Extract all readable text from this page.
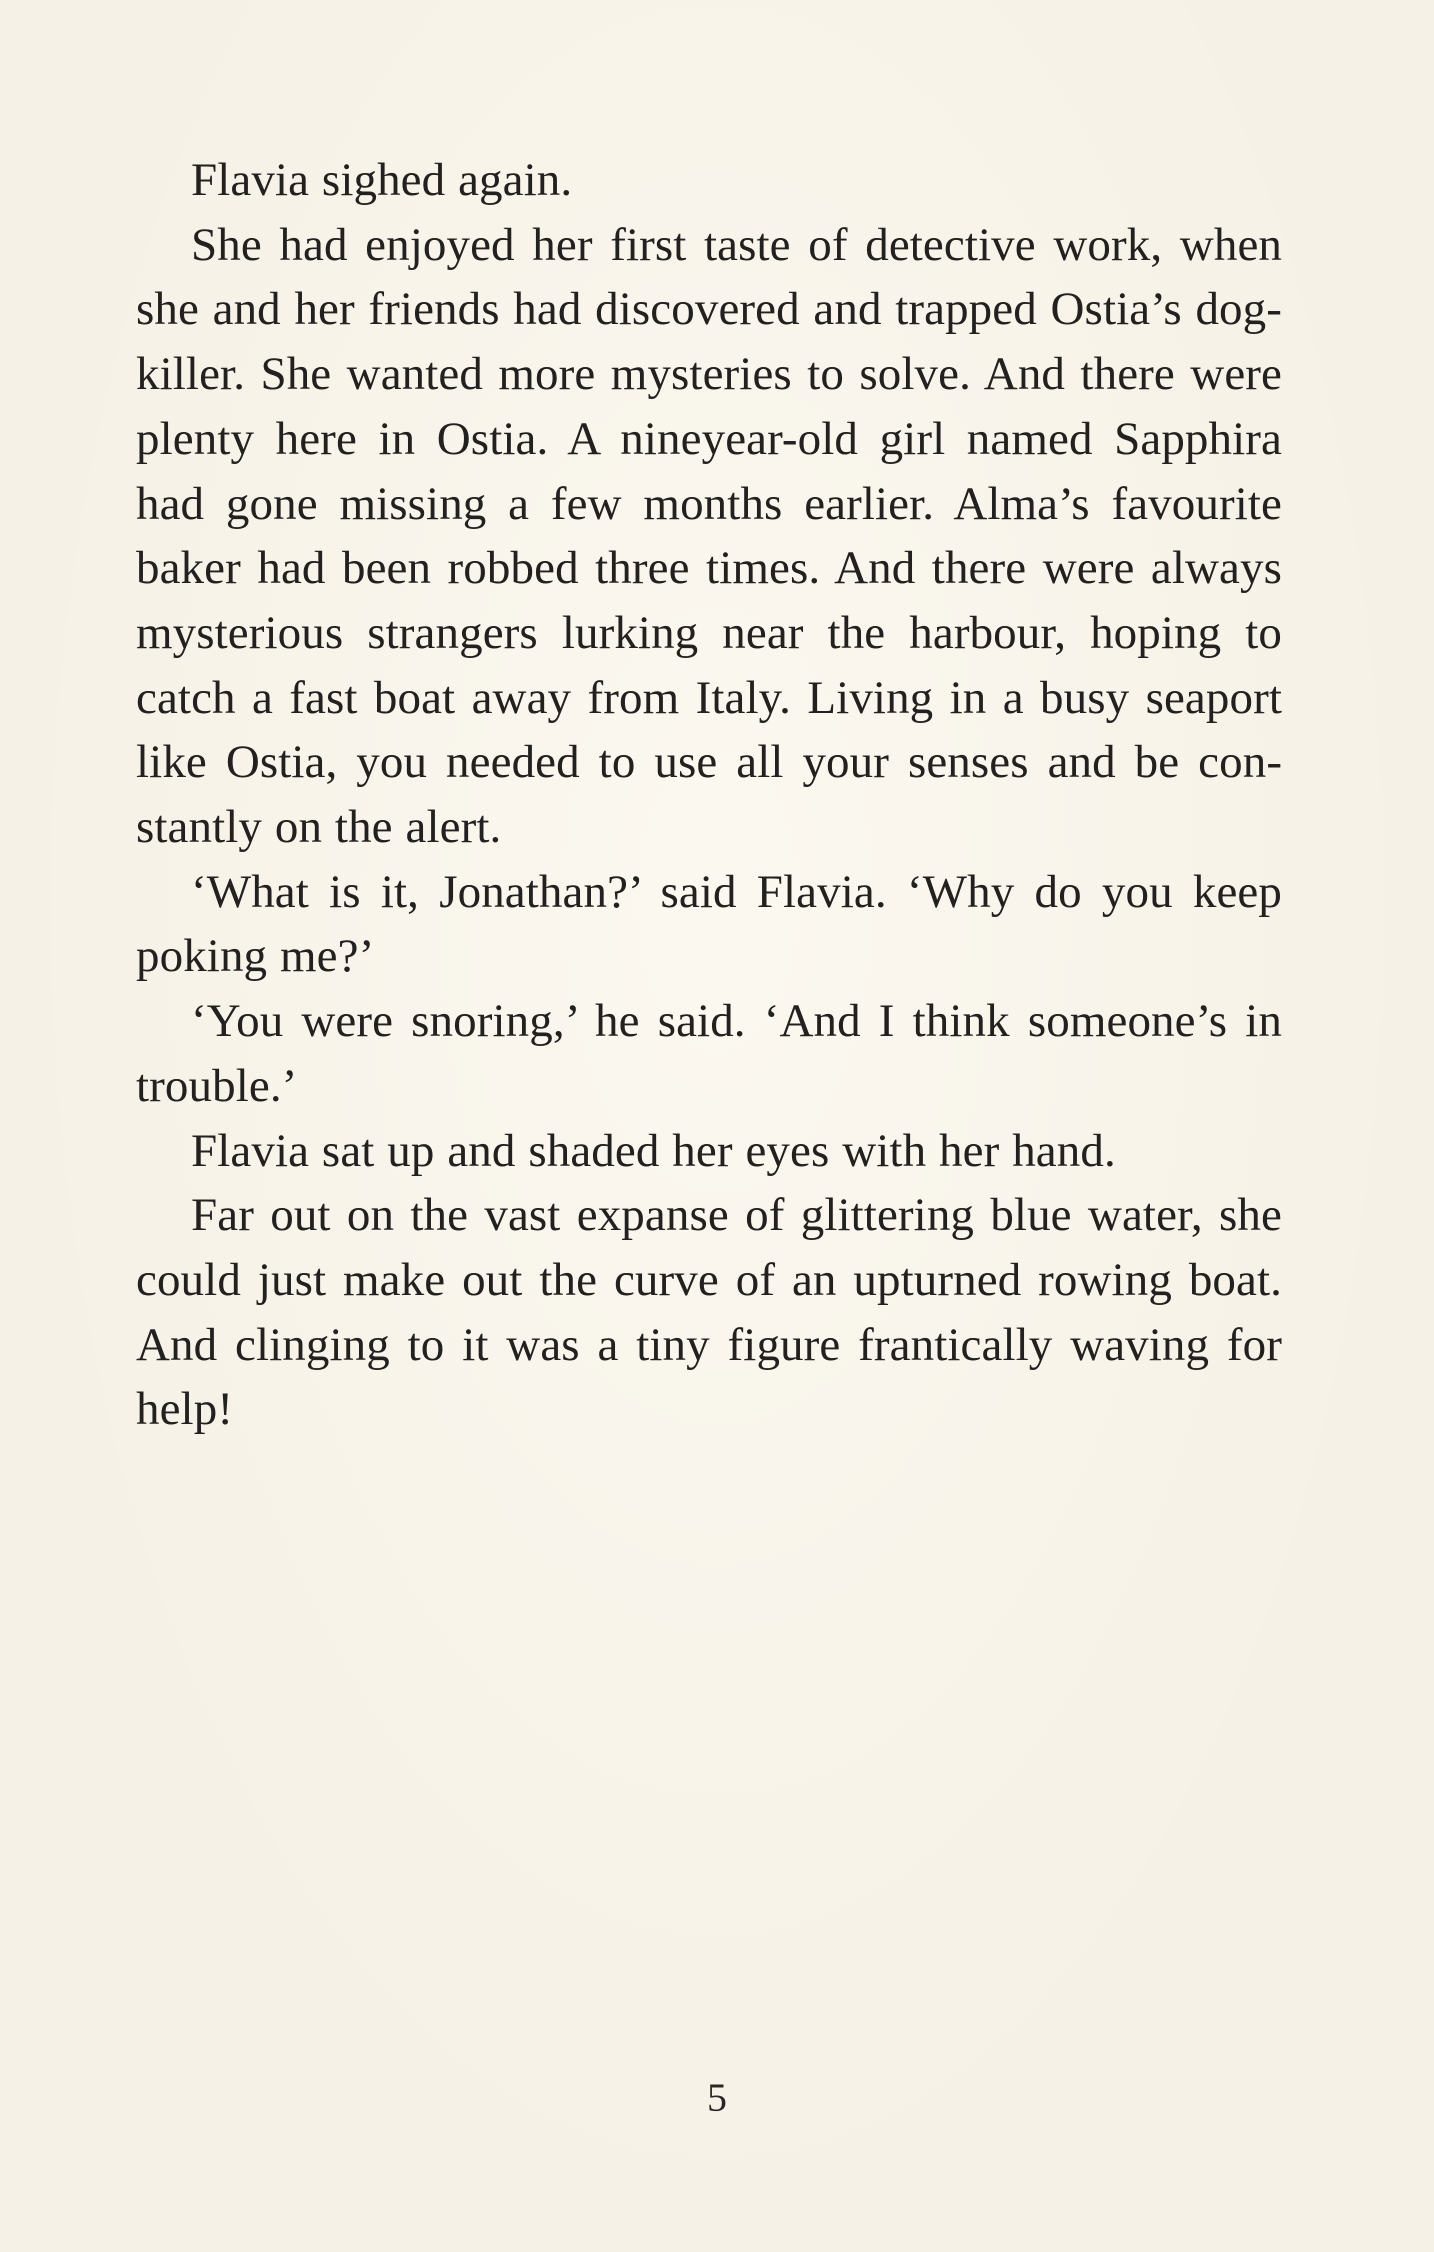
Flavia sighed again.

She had enjoyed her first taste of detective work, when she and her friends had discovered and trapped Ostia’s dog-killer. She wanted more mysteries to solve. And there were plenty here in Ostia. A nineyear-old girl named Sapphira had gone missing a few months earlier. Alma’s favourite baker had been robbed three times. And there were always mysterious strangers lurking near the harbour, hoping to catch a fast boat away from Italy. Living in a busy seaport like Ostia, you needed to use all your senses and be constantly on the alert.

‘What is it, Jonathan?’ said Flavia. ‘Why do you keep poking me?’

‘You were snoring,’ he said. ‘And I think someone’s in trouble.’

Flavia sat up and shaded her eyes with her hand.

Far out on the vast expanse of glittering blue water, she could just make out the curve of an upturned rowing boat. And clinging to it was a tiny figure frantically waving for help!

5
